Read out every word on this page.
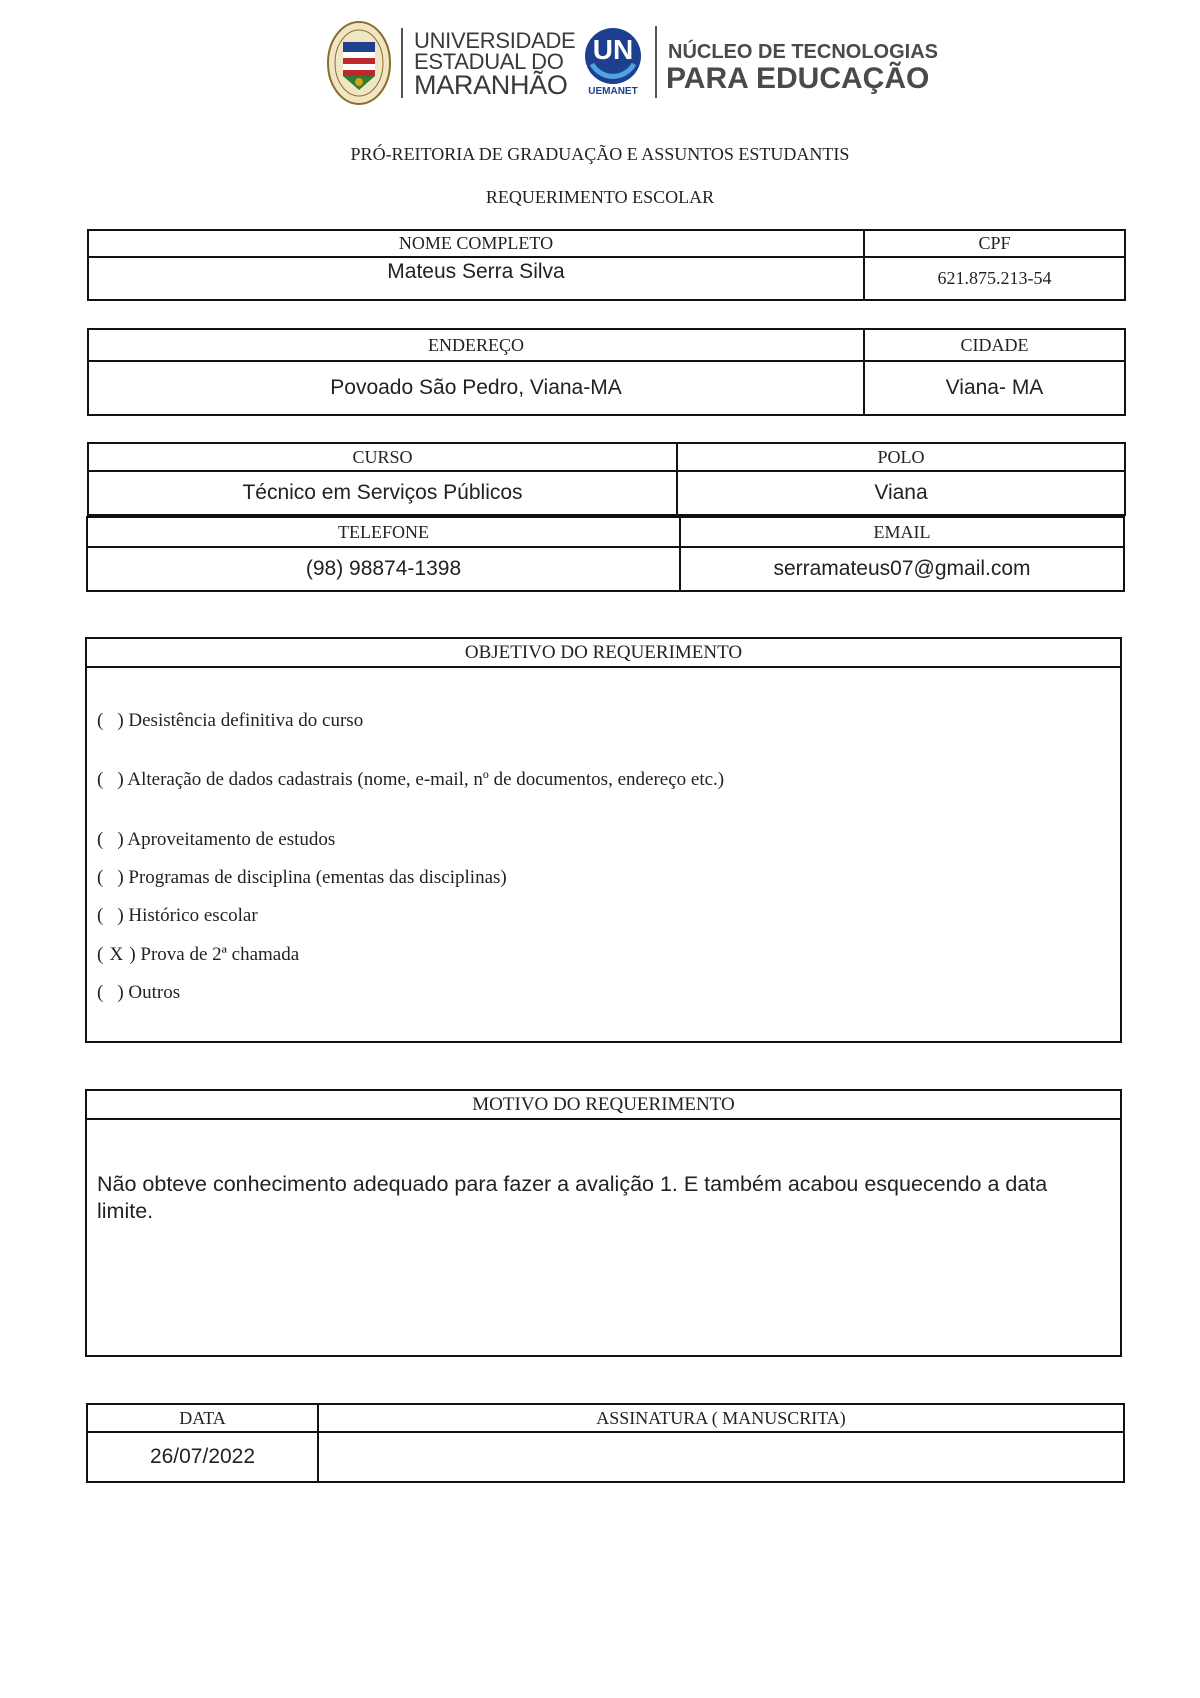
UNIVERSIDADE
ESTADUAL DO
MARANHÃO
UN
UEMANET
NÚCLEO DE TECNOLOGIAS
PARA EDUCAÇÃO
PRÓ-REITORIA DE GRADUAÇÃO E ASSUNTOS ESTUDANTIS
REQUERIMENTO ESCOLAR
NOME COMPLETO	CPF
Mateus Serra Silva	621.875.213-54
ENDEREÇO	CIDADE
Povoado São Pedro, Viana-MA	Viana- MA
CURSO	POLO
Técnico em Serviços Públicos	Viana
TELEFONE	EMAIL
(98) 98874-1398	serramateus07@gmail.com
OBJETIVO DO REQUERIMENTO
( ) Desistência definitiva do curso
( ) Alteração de dados cadastrais (nome, e-mail, nº de documentos, endereço etc.)
( ) Aproveitamento de estudos
( ) Programas de disciplina (ementas das disciplinas)
( ) Histórico escolar
( X ) Prova de 2ª chamada
( ) Outros
MOTIVO DO REQUERIMENTO
Não obteve conhecimento adequado para fazer a avalição 1. E também acabou esquecendo a data limite.
DATA	ASSINATURA ( MANUSCRITA)
26/07/2022	
